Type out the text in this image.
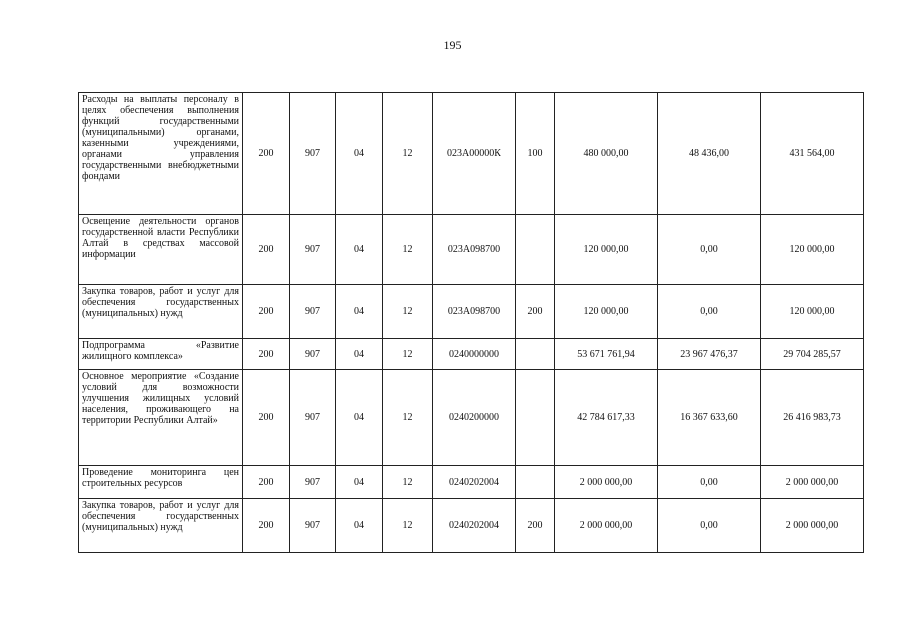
195
Расходы на выплаты персоналу в целях обеспечения выполнения функций государственными (муниципальными) органами, казенными учреждениями, органами управления государственными внебюджетными фондами	200	907	04	12	023A00000К	100	480 000,00	48 436,00	431 564,00
Освещение деятельности органов государственной власти Республики Алтай в средствах массовой информации	200	907	04	12	023A098700		120 000,00	0,00	120 000,00
Закупка товаров, работ и услуг для обеспечения государственных (муниципальных) нужд	200	907	04	12	023A098700	200	120 000,00	0,00	120 000,00
Подпрограмма «Развитие жилищного комплекса»	200	907	04	12	0240000000		53 671 761,94	23 967 476,37	29 704 285,57
Основное мероприятие «Создание условий для возможности улучшения жилищных условий населения, проживающего на территории Республики Алтай»	200	907	04	12	0240200000		42 784 617,33	16 367 633,60	26 416 983,73
Проведение мониторинга цен строительных ресурсов	200	907	04	12	0240202004		2 000 000,00	0,00	2 000 000,00
Закупка товаров, работ и услуг для обеспечения государственных (муниципальных) нужд	200	907	04	12	0240202004	200	2 000 000,00	0,00	2 000 000,00
